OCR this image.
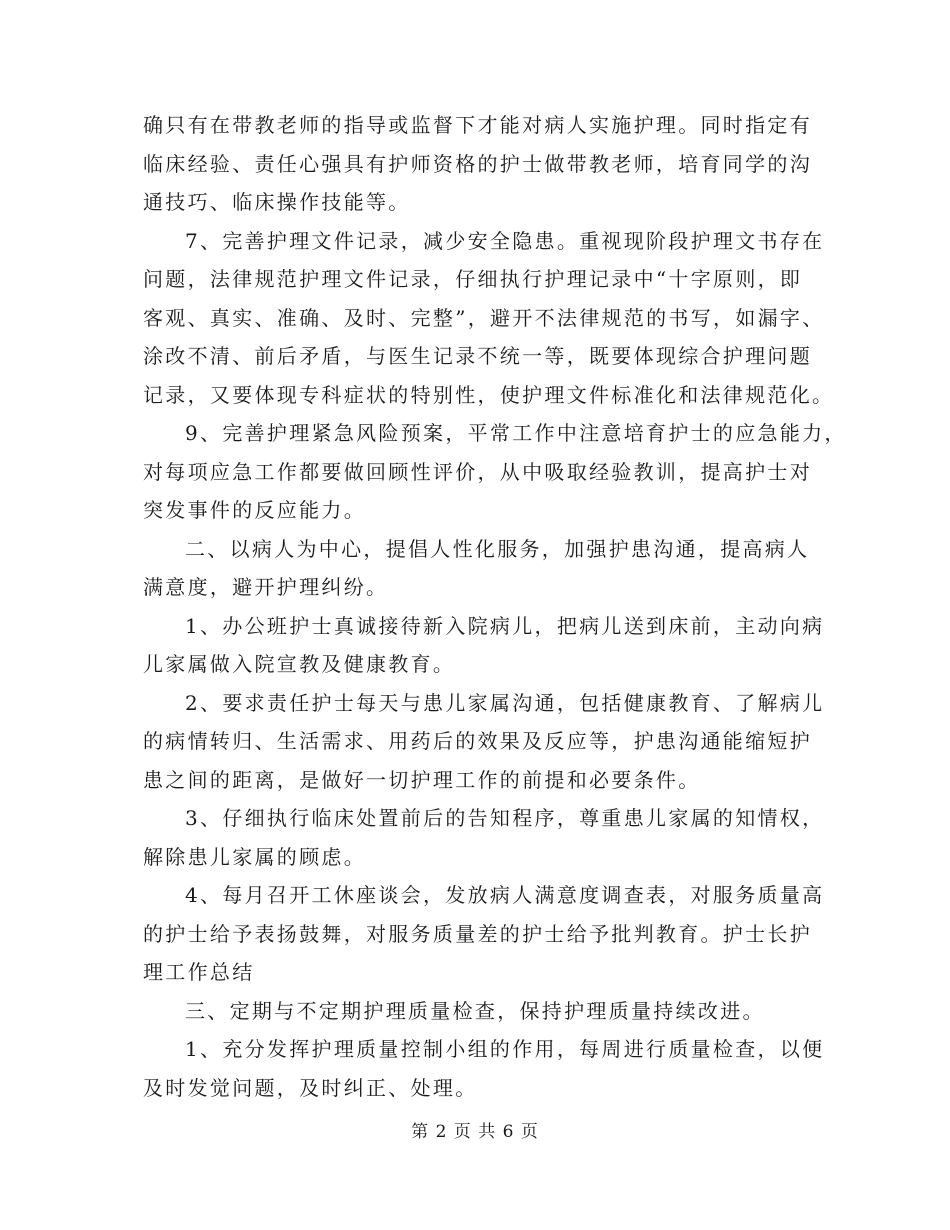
确只有在带教老师的指导或监督下才能对病人实施护理。同时指定有
临床经验、责任心强具有护师资格的护士做带教老师，培育同学的沟
通技巧、临床操作技能等。
7、完善护理文件记录，减少安全隐患。重视现阶段护理文书存在
问题，法律规范护理文件记录，仔细执行护理记录中“十字原则，即
客观、真实、准确、及时、完整”，避开不法律规范的书写，如漏字、
涂改不清、前后矛盾，与医生记录不统一等，既要体现综合护理问题
记录，又要体现专科症状的特别性，使护理文件标准化和法律规范化。
9、完善护理紧急风险预案，平常工作中注意培育护士的应急能力，
对每项应急工作都要做回顾性评价，从中吸取经验教训，提高护士对
突发事件的反应能力。
二、以病人为中心，提倡人性化服务，加强护患沟通，提高病人
满意度，避开护理纠纷。
1、办公班护士真诚接待新入院病儿，把病儿送到床前，主动向病
儿家属做入院宣教及健康教育。
2、要求责任护士每天与患儿家属沟通，包括健康教育、了解病儿
的病情转归、生活需求、用药后的效果及反应等，护患沟通能缩短护
患之间的距离，是做好一切护理工作的前提和必要条件。
3、仔细执行临床处置前后的告知程序，尊重患儿家属的知情权，
解除患儿家属的顾虑。
4、每月召开工休座谈会，发放病人满意度调查表，对服务质量高
的护士给予表扬鼓舞，对服务质量差的护士给予批判教育。护士长护
理工作总结
三、定期与不定期护理质量检查，保持护理质量持续改进。
1、充分发挥护理质量控制小组的作用，每周进行质量检查，以便
及时发觉问题，及时纠正、处理。
第 2 页 共 6 页
